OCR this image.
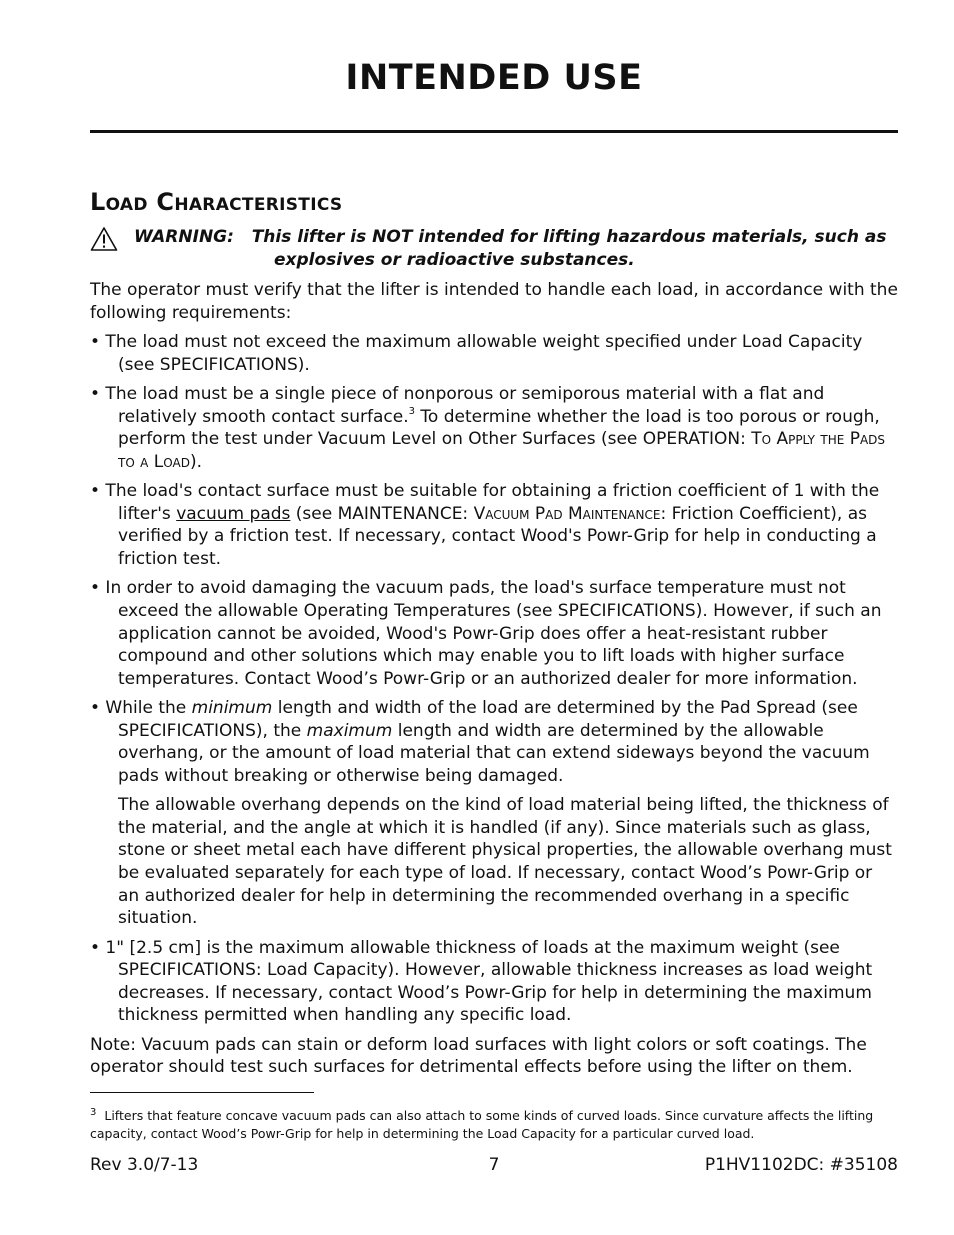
INTENDED USE
Load Characteristics
WARNING: This lifter is NOT intended for lifting hazardous materials, such as
explosives or radioactive substances.

The operator must verify that the lifter is intended to handle each load, in accordance with the following requirements:

• The load must not exceed the maximum allowable weight specified under Load Capacity (see SPECIFICATIONS).

• The load must be a single piece of nonporous or semiporous material with a flat and relatively smooth contact surface.$^3$ To determine whether the load is too porous or rough, perform the test under Vacuum Level on Other Surfaces (see OPERATION: To Apply the Pads to a Load).

• The load's contact surface must be suitable for obtaining a friction coefficient of 1 with the lifter's vacuum pads (see MAINTENANCE: Vacuum Pad Maintenance: Friction Coefficient), as verified by a friction test. If necessary, contact Wood's Powr-Grip for help in conducting a friction test.

• In order to avoid damaging the vacuum pads, the load's surface temperature must not exceed the allowable Operating Temperatures (see SPECIFICATIONS). However, if such an application cannot be avoided, Wood's Powr-Grip does offer a heat-resistant rubber compound and other solutions which may enable you to lift loads with higher surface temperatures. Contact Wood’s Powr-Grip or an authorized dealer for more information.

• While the minimum length and width of the load are determined by the Pad Spread (see SPECIFICATIONS), the maximum length and width are determined by the allowable overhang, or the amount of load material that can extend sideways beyond the vacuum pads without breaking or otherwise being damaged.

The allowable overhang depends on the kind of load material being lifted, the thickness of the material, and the angle at which it is handled (if any). Since materials such as glass, stone or sheet metal each have different physical properties, the allowable overhang must be evaluated separately for each type of load. If necessary, contact Wood’s Powr-Grip or an authorized dealer for help in determining the recommended overhang in a specific situation.

• 1" [2.5 cm] is the maximum allowable thickness of loads at the maximum weight (see SPECIFICATIONS: Load Capacity). However, allowable thickness increases as load weight decreases. If necessary, contact Wood’s Powr-Grip for help in determining the maximum thickness permitted when handling any specific load.

Note: Vacuum pads can stain or deform load surfaces with light colors or soft coatings. The operator should test such surfaces for detrimental effects before using the lifter on them.

$^3$ Lifters that feature concave vacuum pads can also attach to some kinds of curved loads. Since curvature affects the lifting capacity, contact Wood’s Powr-Grip for help in determining the Load Capacity for a particular curved load.
Rev 3.0/7-13	7	P1HV1102DC: #35108
